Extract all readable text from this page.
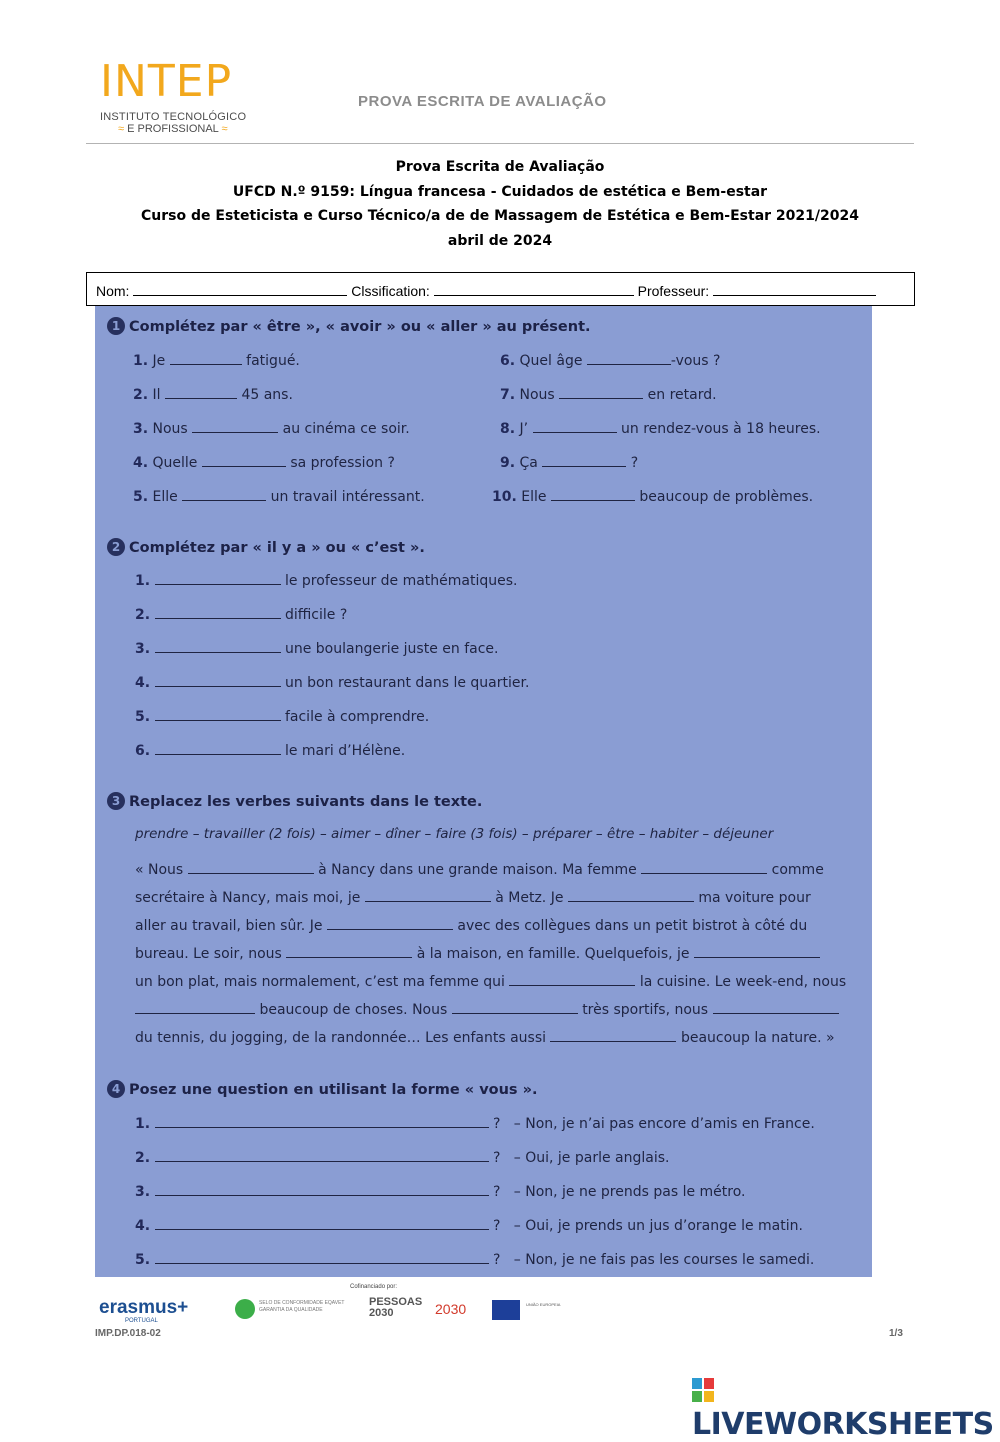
INTEP
INSTITUTO TECNOLÓGICO
≈ E PROFISSIONAL ≈
PROVA ESCRITA DE AVALIAÇÃO
Prova Escrita de Avaliação
UFCD N.º 9159: Língua francesa - Cuidados de estética e Bem-estar
Curso de Esteticista e Curso Técnico/a de de Massagem de Estética e Bem-Estar 2021/2024
abril de 2024
Nom:	Clssification:	Professeur:
1 Complétez par « être », « avoir » ou « aller » au présent.
1. Je	fatigué.
2. Il	45 ans.
3. Nous	au cinéma ce soir.
4. Quelle	sa profession ?
5. Elle	un travail intéressant.
6. Quel âge	-vous ?
7. Nous	en retard.
8. J’	un rendez-vous à 18 heures.
9. Ça	?
10. Elle	beaucoup de problèmes.
2 Complétez par « il y a » ou « c’est ».
1.	le professeur de mathématiques.
2.	difficile ?
3.	une boulangerie juste en face.
4.	un bon restaurant dans le quartier.
5.	facile à comprendre.
6.	le mari d’Hélène.
3 Replacez les verbes suivants dans le texte.
prendre – travailler (2 fois) – aimer – dîner – faire (3 fois) – préparer – être – habiter – déjeuner
« Nous	à Nancy dans une grande maison. Ma femme	comme
secrétaire à Nancy, mais moi, je	à Metz. Je	ma voiture pour
aller au travail, bien sûr. Je	avec des collègues dans un petit bistrot à côté du
bureau. Le soir, nous	à la maison, en famille. Quelquefois, je
un bon plat, mais normalement, c’est ma femme qui	la cuisine. Le week-end, nous
beaucoup de choses. Nous	très sportifs, nous
du tennis, du jogging, de la randonnée… Les enfants aussi	beaucoup la nature. »
4 Posez une question en utilisant la forme « vous ».
1.	? – Non, je n’ai pas encore d’amis en France.
2.	? – Oui, je parle anglais.
3.	? – Non, je ne prends pas le métro.
4.	? – Oui, je prends un jus d’orange le matin.
5.	? – Non, je ne fais pas les courses le samedi.
erasmus+
PORTUGAL
SELO DE CONFORMIDADE EQAVET
GARANTIA DA QUALIDADE
Cofinanciado por:
PESSOAS
2030	2030	UNIÃO EUROPEIA
IMP.DP.018-02	1/3
LIVEWORKSHEETS
